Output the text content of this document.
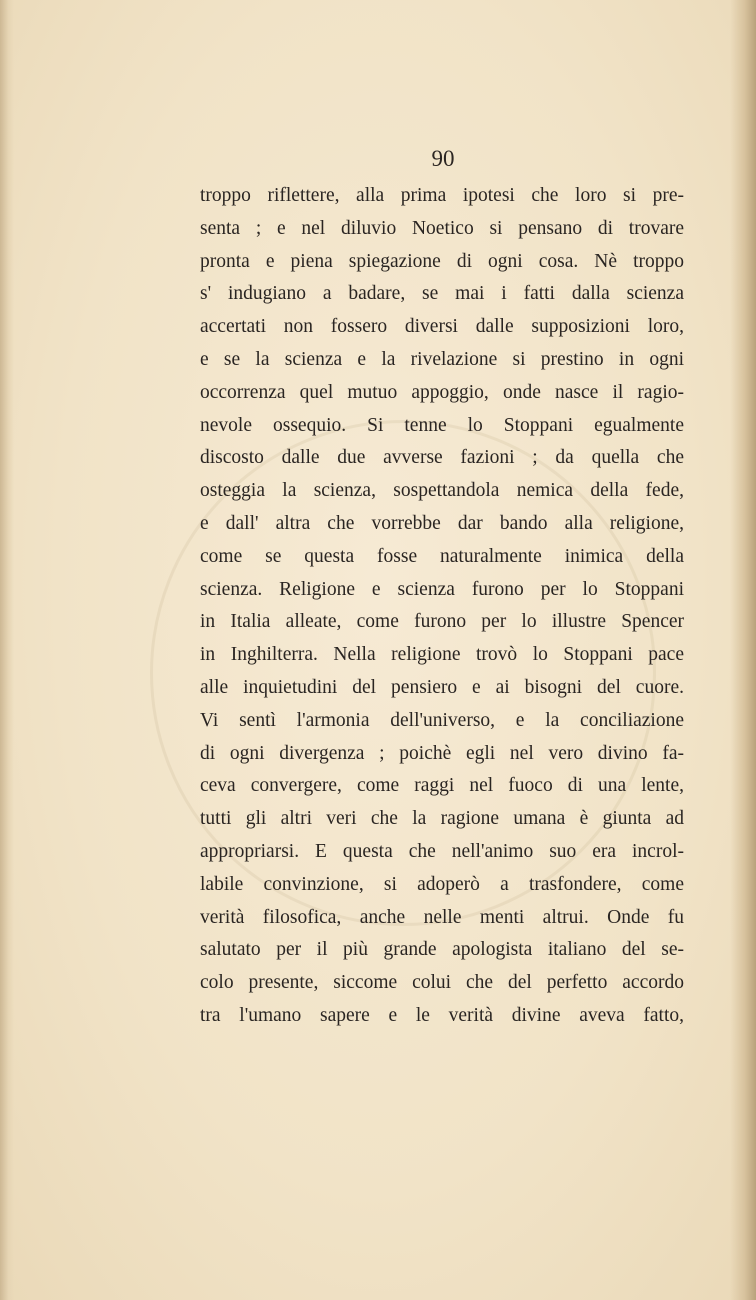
90
troppo riflettere, alla prima ipotesi che loro si pre-
senta ; e nel diluvio Noetico si pensano di trovare
pronta e piena spiegazione di ogni cosa. Nè troppo
s' indugiano a badare, se mai i fatti dalla scienza
accertati non fossero diversi dalle supposizioni loro,
e se la scienza e la rivelazione si prestino in ogni
occorrenza quel mutuo appoggio, onde nasce il ragio-
nevole ossequio. Si tenne lo Stoppani egualmente
discosto dalle due avverse fazioni ; da quella che
osteggia la scienza, sospettandola nemica della fede,
e dall' altra che vorrebbe dar bando alla religione,
come se questa fosse naturalmente inimica della
scienza. Religione e scienza furono per lo Stoppani
in Italia alleate, come furono per lo illustre Spencer
in Inghilterra. Nella religione trovò lo Stoppani pace
alle inquietudini del pensiero e ai bisogni del cuore.
Vi sentì l'armonia dell'universo, e la conciliazione
di ogni divergenza ; poichè egli nel vero divino fa-
ceva convergere, come raggi nel fuoco di una lente,
tutti gli altri veri che la ragione umana è giunta ad
appropriarsi. E questa che nell'animo suo era incrol-
labile convinzione, si adoperò a trasfondere, come
verità filosofica, anche nelle menti altrui. Onde fu
salutato per il più grande apologista italiano del se-
colo presente, siccome colui che del perfetto accordo
tra l'umano sapere e le verità divine aveva fatto,
